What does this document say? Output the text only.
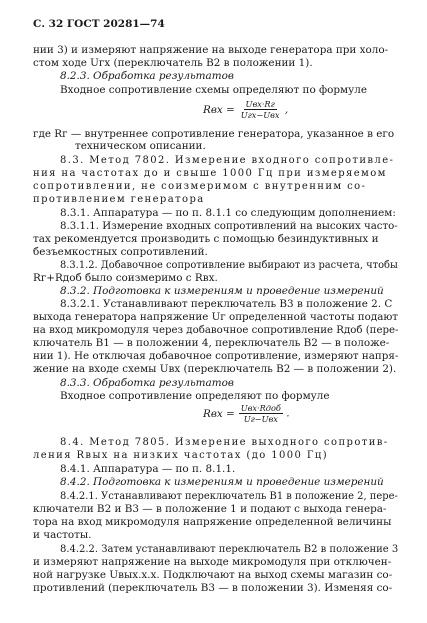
С. 32 ГОСТ 20281—74
нии 3) и измеряют напряжение на выходе генератора при холо-
стом ходе Uгх (переключатель В2 в положении 1).
8.2.3. Обработка результатов
Входное сопротивление схемы определяют по формуле
Rвх = $\frac{\text{Uвх·Rг}}{\text{Uгх−Uвх}}$ ,
где Rг — внутреннее сопротивление генератора, указанное в его
техническом описании.
8.3. Метод 7802. Измерение входного сопротивле-
ния на частотах до и свыше 1000 Гц при измеряемом
сопротивлении, не соизмеримом с внутренним со-
противлением генератора
8.3.1. Аппаратура — по п. 8.1.1 со следующим дополнением:
8.3.1.1. Измерение входных сопротивлений на высоких часто-
тах рекомендуется производить с помощью безиндуктивных и
безъемкостных сопротивлений.
8.3.1.2. Добавочное сопротивление выбирают из расчета, чтобы
Rг+Rдоб было соизмеримо с Rвх.
8.3.2. Подготовка к измерениям и проведение измерений
8.3.2.1. Устанавливают переключатель В3 в положение 2. С
выхода генератора напряжение Uг определенной частоты подают
на вход микромодуля через добавочное сопротивление Rдоб (пере-
ключатель В1 — в положении 4, переключатель В2 — в положе-
нии 1). Не отключая добавочное сопротивление, измеряют напря-
жение на входе схемы Uвх (переключатель В2 — в положении 2).
8.3.3. Обработка результатов
Входное сопротивление определяют по формуле
Rвх = $\frac{\text{Uвх·Rдоб}}{\text{Uг−Uвх}}$ .
8.4. Метод 7805. Измерение выходного сопротив-
ления Rвых на низких частотах (до 1000 Гц)
8.4.1. Аппаратура — по п. 8.1.1.
8.4.2. Подготовка к измерениям и проведение измерений
8.4.2.1. Устанавливают переключатель В1 в положение 2, пере-
ключатели В2 и В3 — в положение 1 и подают с выхода генера-
тора на вход микромодуля напряжение определенной величины
и частоты.
8.4.2.2. Затем устанавливают переключатель В2 в положение 3
и измеряют напряжение на выходе микромодуля при отключен-
ной нагрузке Uвых.х.х. Подключают на выход схемы магазин со-
противлений (переключатель В3 — в положении 3). Изменяя со-
